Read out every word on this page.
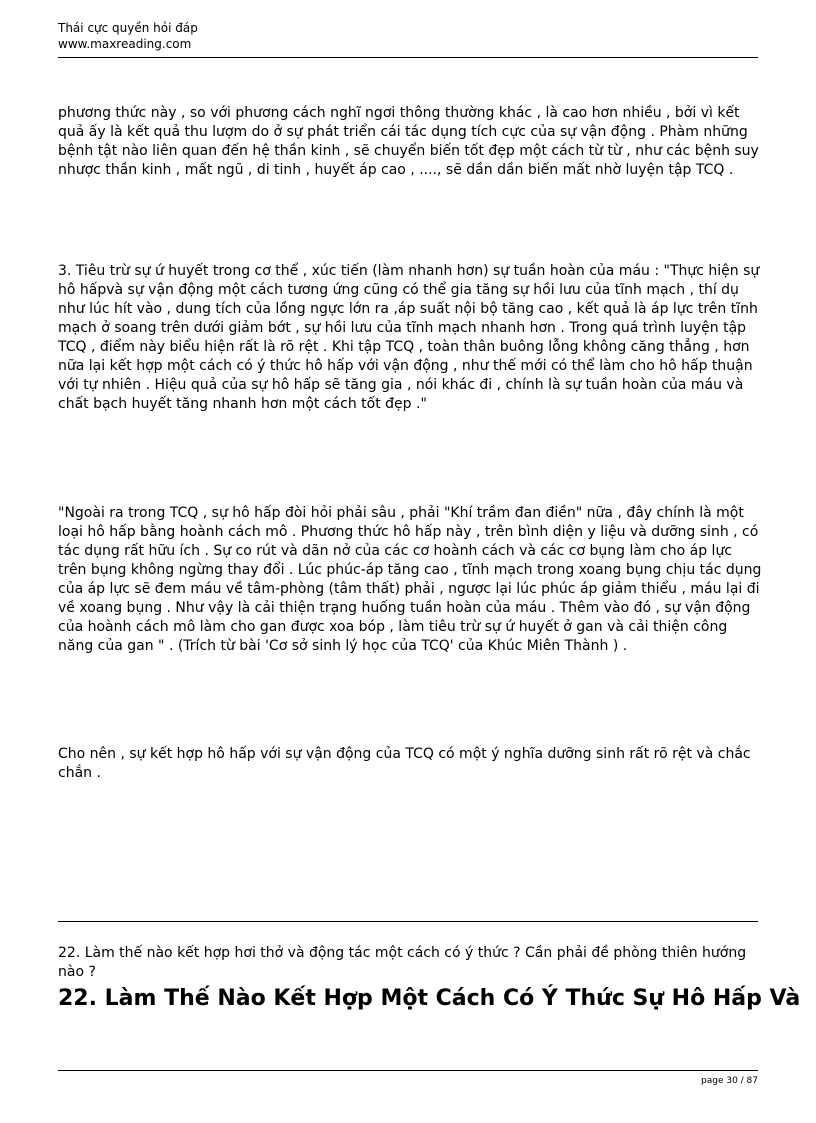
Thái cực quyền hỏi đáp
www.maxreading.com

phương thức này , so với phương cách nghĩ ngơi thông thường khác , là cao hơn nhiều , bởi vì kết quả ấy là kết quả thu lượm do ở sự phát triển cái tác dụng tích cực của sự vận động . Phàm những bệnh tật nào liên quan đến hệ thần kinh , sẽ chuyển biến tốt đẹp một cách từ từ , như các bệnh suy nhược thần kinh , mất ngũ , di tinh , huyết áp cao , ...., sẽ dần dần biến mất nhờ luyện tập TCQ .

3. Tiêu trừ sự ứ huyết trong cơ thể , xúc tiến (làm nhanh hơn) sự tuần hoàn của máu : "Thực hiện sự hô hấpvà sự vận động một cách tương ứng cũng có thể gia tăng sự hồi lưu của tĩnh mạch , thí dụ như lúc hít vào , dung tích của lồng ngực lớn ra ,áp suất nội bộ tăng cao , kết quả là áp lực trên tĩnh mạch ở soang trên dưới giảm bớt , sự hồi lưu của tĩnh mạch nhanh hơn . Trong quá trình luyện tập TCQ , điểm này biểu hiện rất là rõ rệt . Khi tập TCQ , toàn thân buông lỗng không căng thẳng , hơn nữa lại kết hợp một cách có ý thức hô hấp với vận động , như thế mới có thể làm cho hô hấp thuận với tự nhiên . Hiệu quả của sự hô hấp sẽ tăng gia , nói khác đi , chính là sự tuần hoàn của máu và chất bạch huyết tăng nhanh hơn một cách tốt đẹp ."

"Ngoài ra trong TCQ , sự hô hấp đòi hỏi phải sâu , phải "Khí trầm đan điền" nữa , đây chính là một loại hô hấp bằng hoành cách mô . Phương thức hô hấp này , trên bình diện y liệu và dưỡng sinh , có tác dụng rất hữu ích . Sự co rút và dãn nở của các cơ hoành cách và các cơ bụng làm cho áp lực trên bụng không ngừng thay đổi . Lúc phúc-áp tăng cao , tĩnh mạch trong xoang bụng chịu tác dụng của áp lực sẽ đem máu về tâm-phòng (tâm thất) phải , ngược lại lúc phúc áp giảm thiểu , máu lại đi về xoang bụng . Như vậy là cải thiện trạng huống tuần hoàn của máu . Thêm vào đó , sự vận động của hoành cách mô làm cho gan được xoa bóp , làm tiêu trừ sự ứ huyết ở gan và cải thiện công năng của gan " . (Trích từ bài 'Cơ sở sinh lý học của TCQ' của Khúc Miên Thành ) .

Cho nên , sự kết hợp hô hấp với sự vận động của TCQ có một ý nghĩa dưỡng sinh rất rõ rệt và chắc chắn .

22. Làm thế nào kết hợp hơi thở và động tác một cách có ý thức ? Cần phải đề phòng thiên hướng nào ?

22. Làm Thế Nào Kết Hợp Một Cách Có Ý Thức Sự Hô Hấp Và
page 30 / 87
